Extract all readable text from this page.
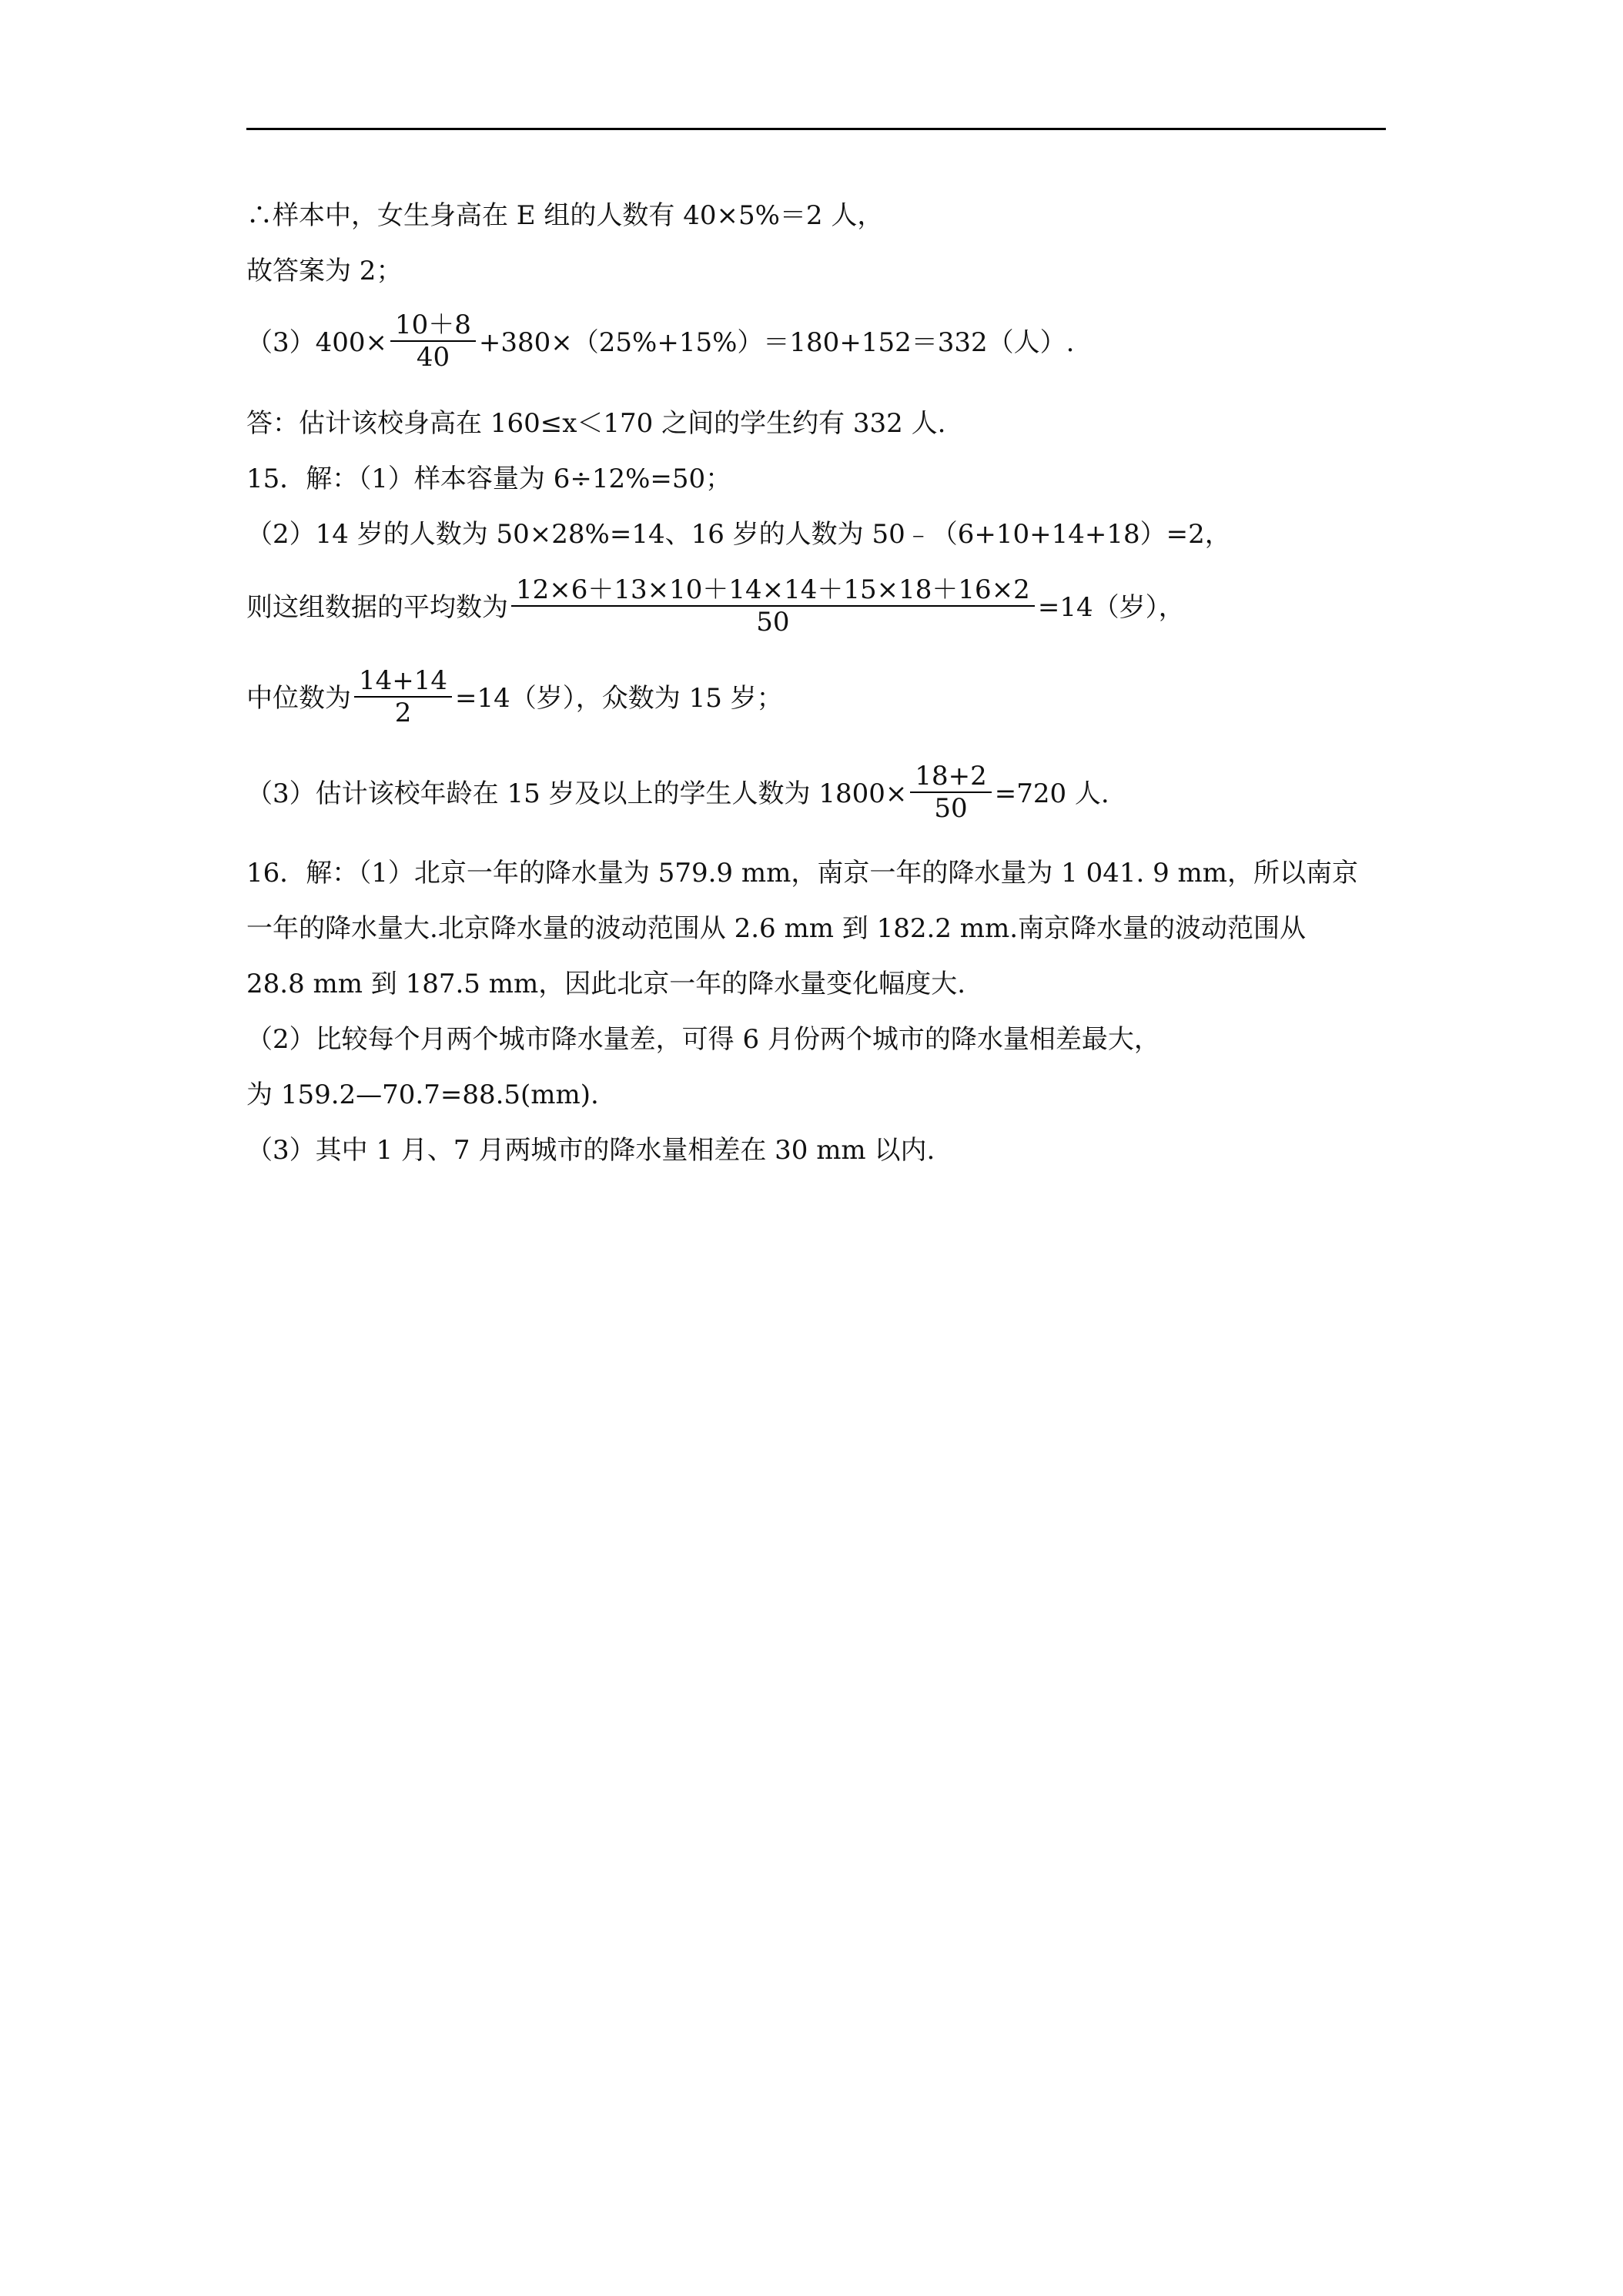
∴样本中，女生身高在 E 组的人数有 40×5%＝2 人，
故答案为 2；
$(3)400\times \frac{10+8}{40} +380\times(25\%+15\%)=180+152=332$（人）.
答：估计该校身高在 160≤x＜170 之间的学生约有 332 人.
15．解：（1）样本容量为 6÷12%=50；
（2）14 岁的人数为 50×28%=14、16 岁的人数为 50﹣（6+10+14+18）=2，
则这组数据的平均数为 $\frac{12\times 6+13\times 10+14\times 14+15\times 18+16\times 2}{50} =14$（岁），
中位数为 $\frac{14+14}{2} =14$（岁），众数为 15 岁；
（3）估计该校年龄在 15 岁及以上的学生人数为 $1800\times \frac{18+2}{50} =720$ 人.
16．解：（1）北京一年的降水量为 579.9 mm，南京一年的降水量为 1 041. 9 mm，所以南京
一年的降水量大.北京降水量的波动范围从 2.6 mm 到 182.2 mm.南京降水量的波动范围从
28.8 mm 到 187.5 mm，因此北京一年的降水量变化幅度大.
（2）比较每个月两个城市降水量差，可得 6 月份两个城市的降水量相差最大，
为 159.2—70.7=88.5(mm).
（3）其中 1 月、7 月两城市的降水量相差在 30 mm 以内.
